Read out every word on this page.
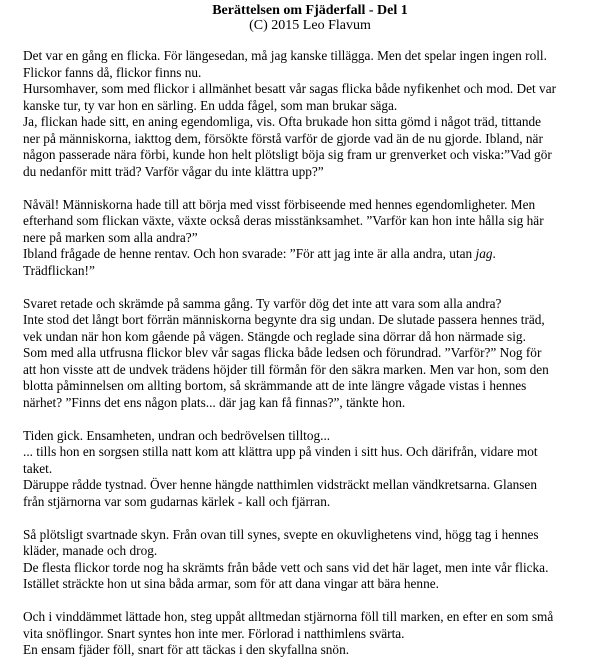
Berättelsen om Fjäderfall - Del 1
(C) 2015 Leo Flavum

Det var en gång en flicka. För längesedan, må jag kanske tillägga. Men det spelar ingen ingen roll.
Flickor fanns då, flickor finns nu.
Hursomhaver, som med flickor i allmänhet besatt vår sagas flicka både nyfikenhet och mod. Det var
kanske tur, ty var hon en särling. En udda fågel, som man brukar säga.
Ja, flickan hade sitt, en aning egendomliga, vis. Ofta brukade hon sitta gömd i något träd, tittande
ner på människorna, iakttog dem, försökte förstå varför de gjorde vad än de nu gjorde. Ibland, när
någon passerade nära förbi, kunde hon helt plötsligt böja sig fram ur grenverket och viska:”Vad gör
du nedanför mitt träd? Varför vågar du inte klättra upp?”

Nåväl! Människorna hade till att börja med visst förbiseende med hennes egendomligheter. Men
efterhand som flickan växte, växte också deras misstänksamhet. ”Varför kan hon inte hålla sig här
nere på marken som alla andra?”
Ibland frågade de henne rentav. Och hon svarade: ”För att jag inte är alla andra, utan jag.
Trädflickan!”

Svaret retade och skrämde på samma gång. Ty varför dög det inte att vara som alla andra?
Inte stod det långt bort förrän människorna begynte dra sig undan. De slutade passera hennes träd,
vek undan när hon kom gående på vägen. Stängde och reglade sina dörrar då hon närmade sig.
Som med alla utfrusna flickor blev vår sagas flicka både ledsen och förundrad. ”Varför?” Nog för
att hon visste att de undvek trädens höjder till förmån för den säkra marken. Men var hon, som den
blotta påminnelsen om allting bortom, så skrämmande att de inte längre vågade vistas i hennes
närhet? ”Finns det ens någon plats... där jag kan få finnas?”, tänkte hon.

Tiden gick. Ensamheten, undran och bedrövelsen tilltog...
... tills hon en sorgsen stilla natt kom att klättra upp på vinden i sitt hus. Och därifrån, vidare mot
taket.
Däruppe rådde tystnad. Över henne hängde natthimlen vidsträckt mellan vändkretsarna. Glansen
från stjärnorna var som gudarnas kärlek - kall och fjärran.

Så plötsligt svartnade skyn. Från ovan till synes, svepte en okuvlighetens vind, högg tag i hennes
kläder, manade och drog.
De flesta flickor torde nog ha skrämts från både vett och sans vid det här laget, men inte vår flicka.
Istället sträckte hon ut sina båda armar, som för att dana vingar att bära henne.

Och i vinddämmet lättade hon, steg uppåt alltmedan stjärnorna föll till marken, en efter en som små
vita snöflingor. Snart syntes hon inte mer. Förlorad i natthimlens svärta.
En ensam fjäder föll, snart för att täckas i den skyfallna snön.
